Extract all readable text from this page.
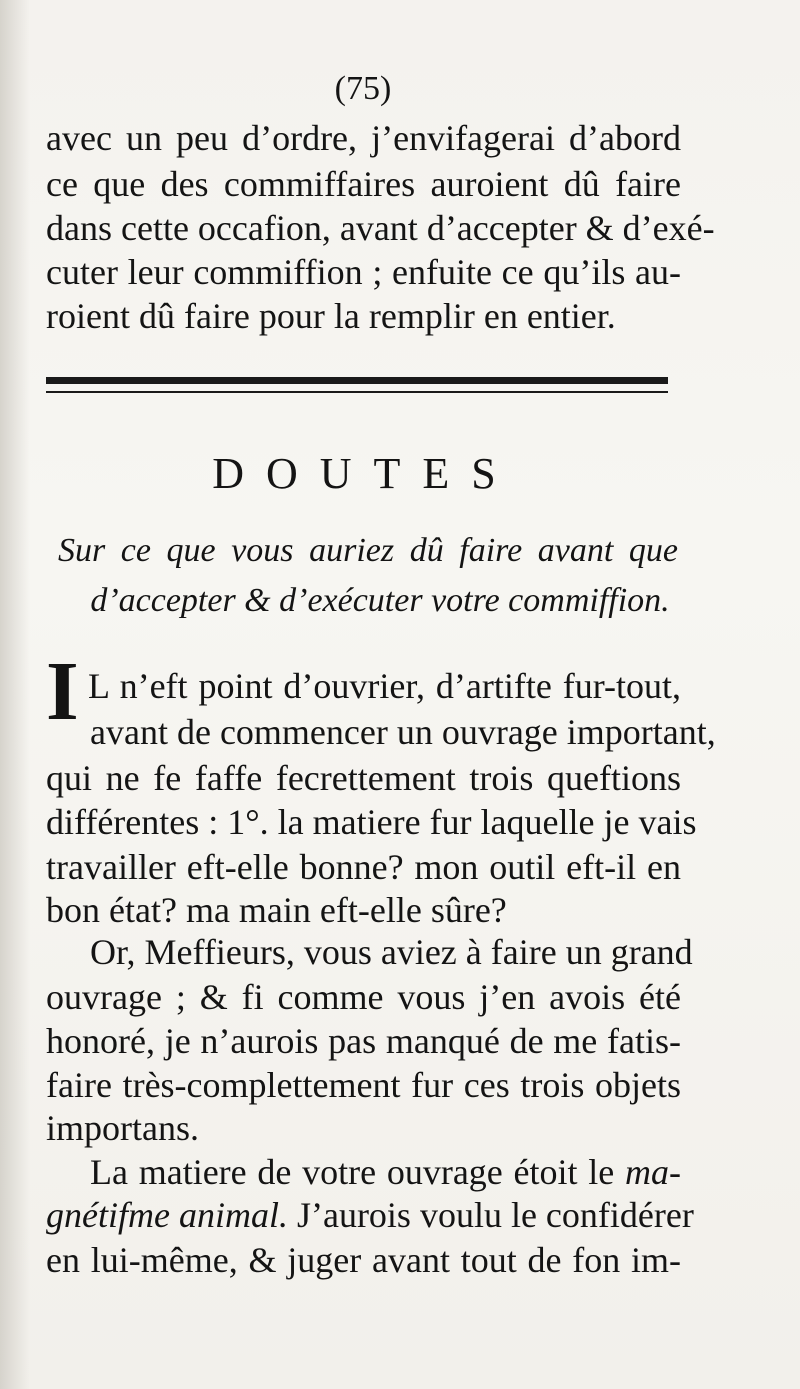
(75)
avec un peu d’ordre, j’envifagerai d’abord
ce que des commiffaires auroient dû faire
dans cette occafion, avant d’accepter & d’exé-
cuter leur commiffion ; enfuite ce qu’ils au-
roient dû faire pour la remplir en entier.
DOUTES
Sur ce que vous auriez dû faire avant que
d’accepter & d’exécuter votre commiffion.
I L n’eft point d’ouvrier, d’artifte fur-tout,
avant de commencer un ouvrage important,
qui ne fe faffe fecrettement trois queftions
différentes : 1°. la matiere fur laquelle je vais
travailler eft-elle bonne? mon outil eft-il en
bon état? ma main eft-elle sûre?
Or, Meffieurs, vous aviez à faire un grand
ouvrage ; & fi comme vous j’en avois été
honoré, je n’aurois pas manqué de me fatis-
faire très-complettement fur ces trois objets
importans.
La matiere de votre ouvrage étoit le ma-
gnétifme animal. J’aurois voulu le confidérer
en lui-même, & juger avant tout de fon im-
